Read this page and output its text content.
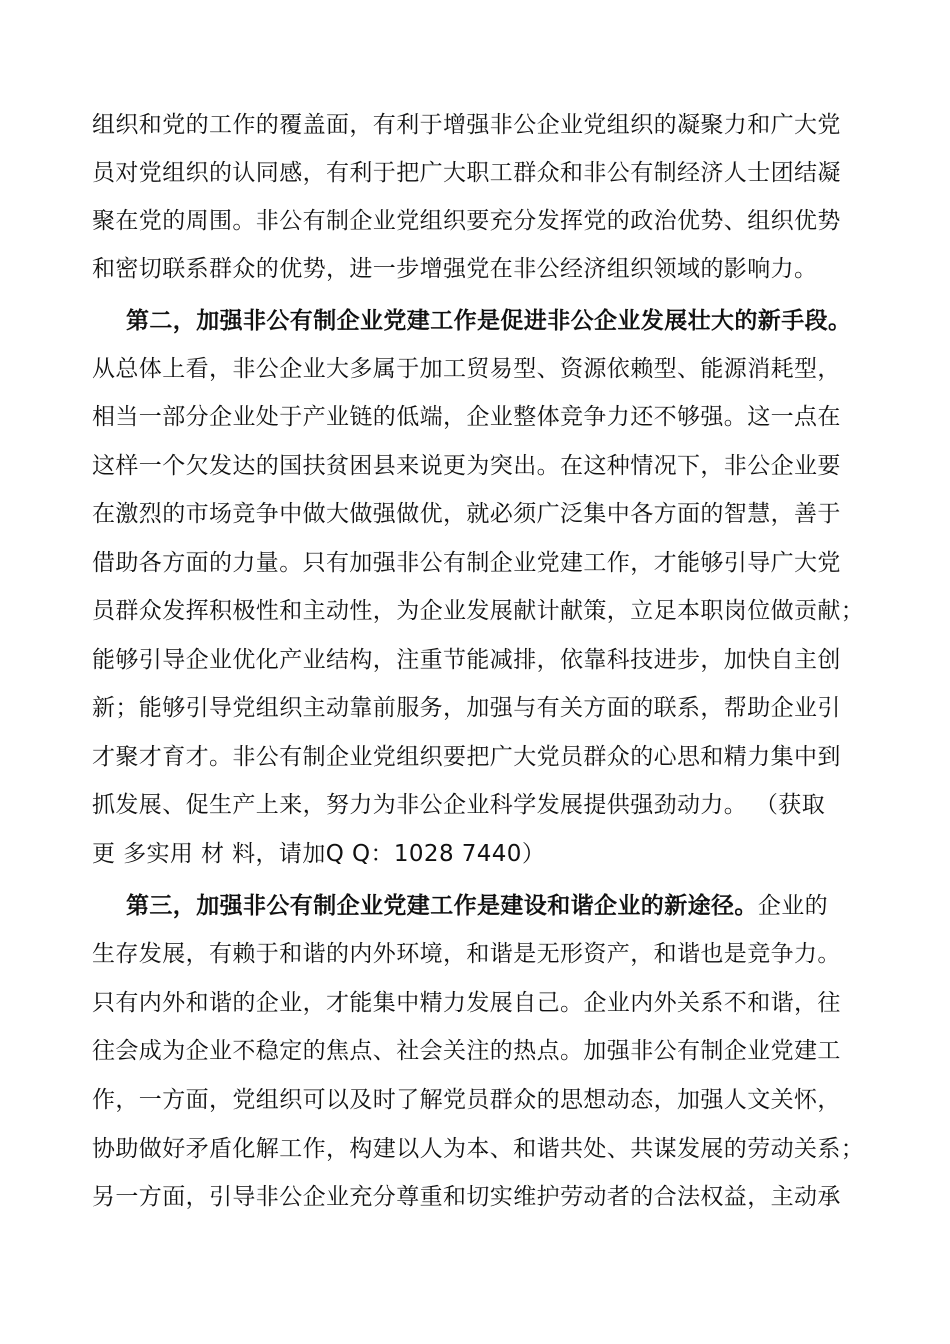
组织和党的工作的覆盖面，有利于增强非公企业党组织的凝聚力和广大党
员对党组织的认同感，有利于把广大职工群众和非公有制经济人士团结凝
聚在党的周围。非公有制企业党组织要充分发挥党的政治优势、组织优势
和密切联系群众的优势，进一步增强党在非公经济组织领域的影响力。
第二，加强非公有制企业党建工作是促进非公企业发展壮大的新手段。
从总体上看，非公企业大多属于加工贸易型、资源依赖型、能源消耗型，
相当一部分企业处于产业链的低端，企业整体竞争力还不够强。这一点在
这样一个欠发达的国扶贫困县来说更为突出。在这种情况下，非公企业要
在激烈的市场竞争中做大做强做优，就必须广泛集中各方面的智慧，善于
借助各方面的力量。只有加强非公有制企业党建工作，才能够引导广大党
员群众发挥积极性和主动性，为企业发展献计献策，立足本职岗位做贡献；
能够引导企业优化产业结构，注重节能减排，依靠科技进步，加快自主创
新；能够引导党组织主动靠前服务，加强与有关方面的联系，帮助企业引
才聚才育才。非公有制企业党组织要把广大党员群众的心思和精力集中到
抓发展、促生产上来，努力为非公企业科学发展提供强劲动力。 （获取
更 多实用 材 料，请加Q Q：1028 7440）
第三，加强非公有制企业党建工作是建设和谐企业的新途径。企业的
生存发展，有赖于和谐的内外环境，和谐是无形资产，和谐也是竞争力。
只有内外和谐的企业，才能集中精力发展自己。企业内外关系不和谐，往
往会成为企业不稳定的焦点、社会关注的热点。加强非公有制企业党建工
作，一方面，党组织可以及时了解党员群众的思想动态，加强人文关怀，
协助做好矛盾化解工作，构建以人为本、和谐共处、共谋发展的劳动关系；
另一方面，引导非公企业充分尊重和切实维护劳动者的合法权益，主动承
